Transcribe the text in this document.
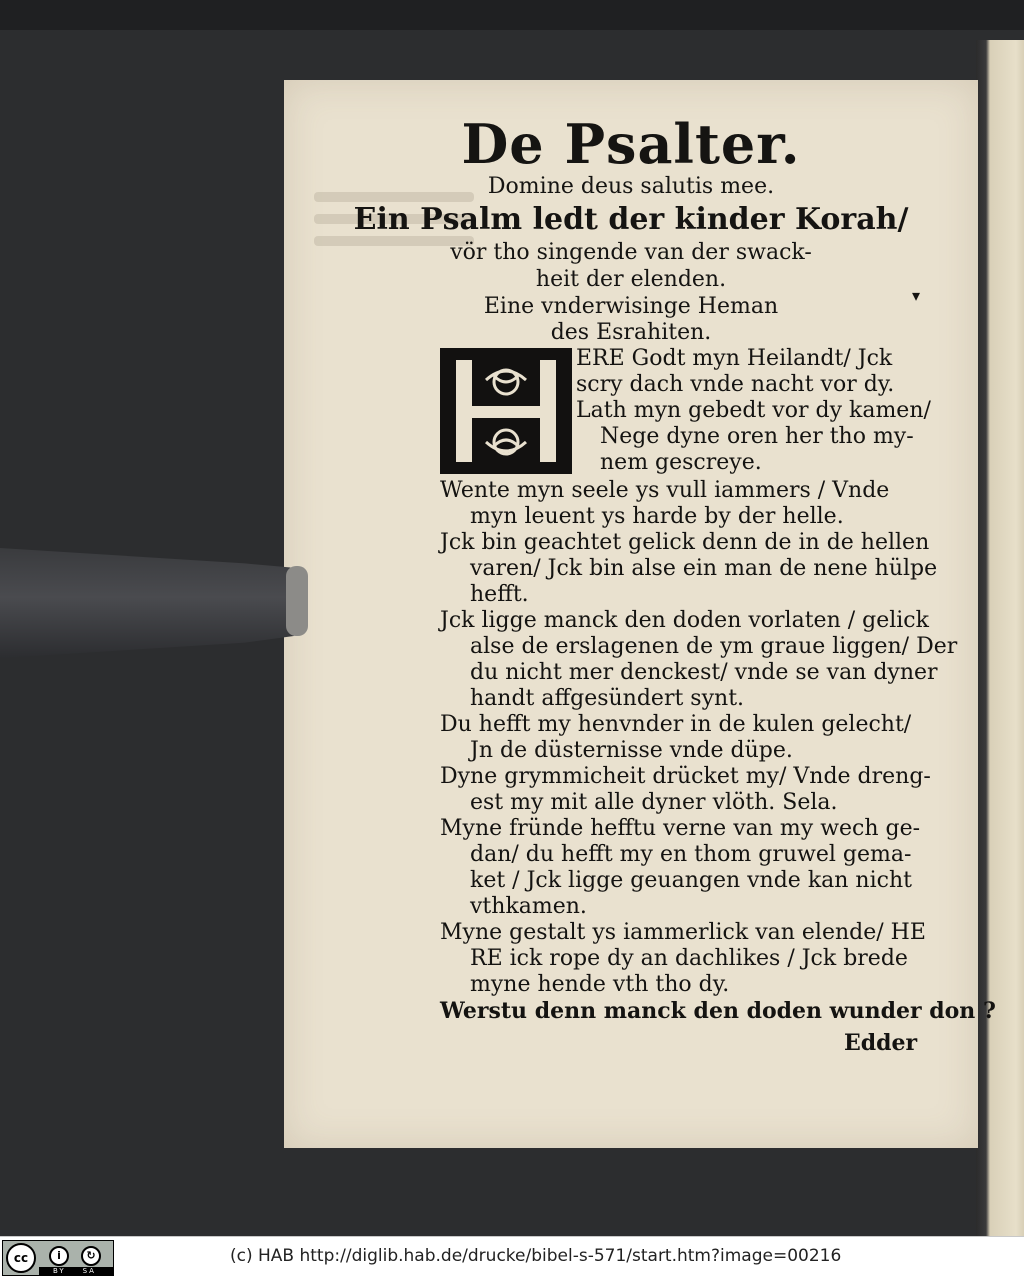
De Psalter.
Domine deus salutis mee.
Ein Psalm ledt der kinder Korah/
vör tho singende van der swack-
heit der elenden.
Eine vnderwisinge Heman
des Esrahiten.
▾
ERE Godt myn Heilandt/ Jck
scry dach vnde nacht vor dy.
Lath myn gebedt vor dy kamen/
Nege dyne oren her tho my-
nem gescreye.
Wente myn seele ys vull iammers / Vnde
myn leuent ys harde by der helle.
Jck bin geachtet gelick denn de in de hellen
varen/ Jck bin alse ein man de nene hülpe
hefft.
Jck ligge manck den doden vorlaten / gelick
alse de erslagenen de ym graue liggen/ Der
du nicht mer denckest/ vnde se van dyner
handt affgesündert synt.
Du hefft my henvnder in de kulen gelecht/
Jn de düsternisse vnde düpe.
Dyne grymmicheit drücket my/ Vnde dreng-
est my mit alle dyner vlöth. Sela.
Myne fründe hefftu verne van my wech ge-
dan/ du hefft my en thom gruwel gema-
ket / Jck ligge geuangen vnde kan nicht
vthkamen.
Myne gestalt ys iammerlick van elende/ HE
RE ick rope dy an dachlikes / Jck brede
myne hende vth tho dy.
Werstu denn manck den doden wunder don ?
Edder
cc	i	↻
BY SA
(c) HAB http://diglib.hab.de/drucke/bibel-s-571/start.htm?image=00216
